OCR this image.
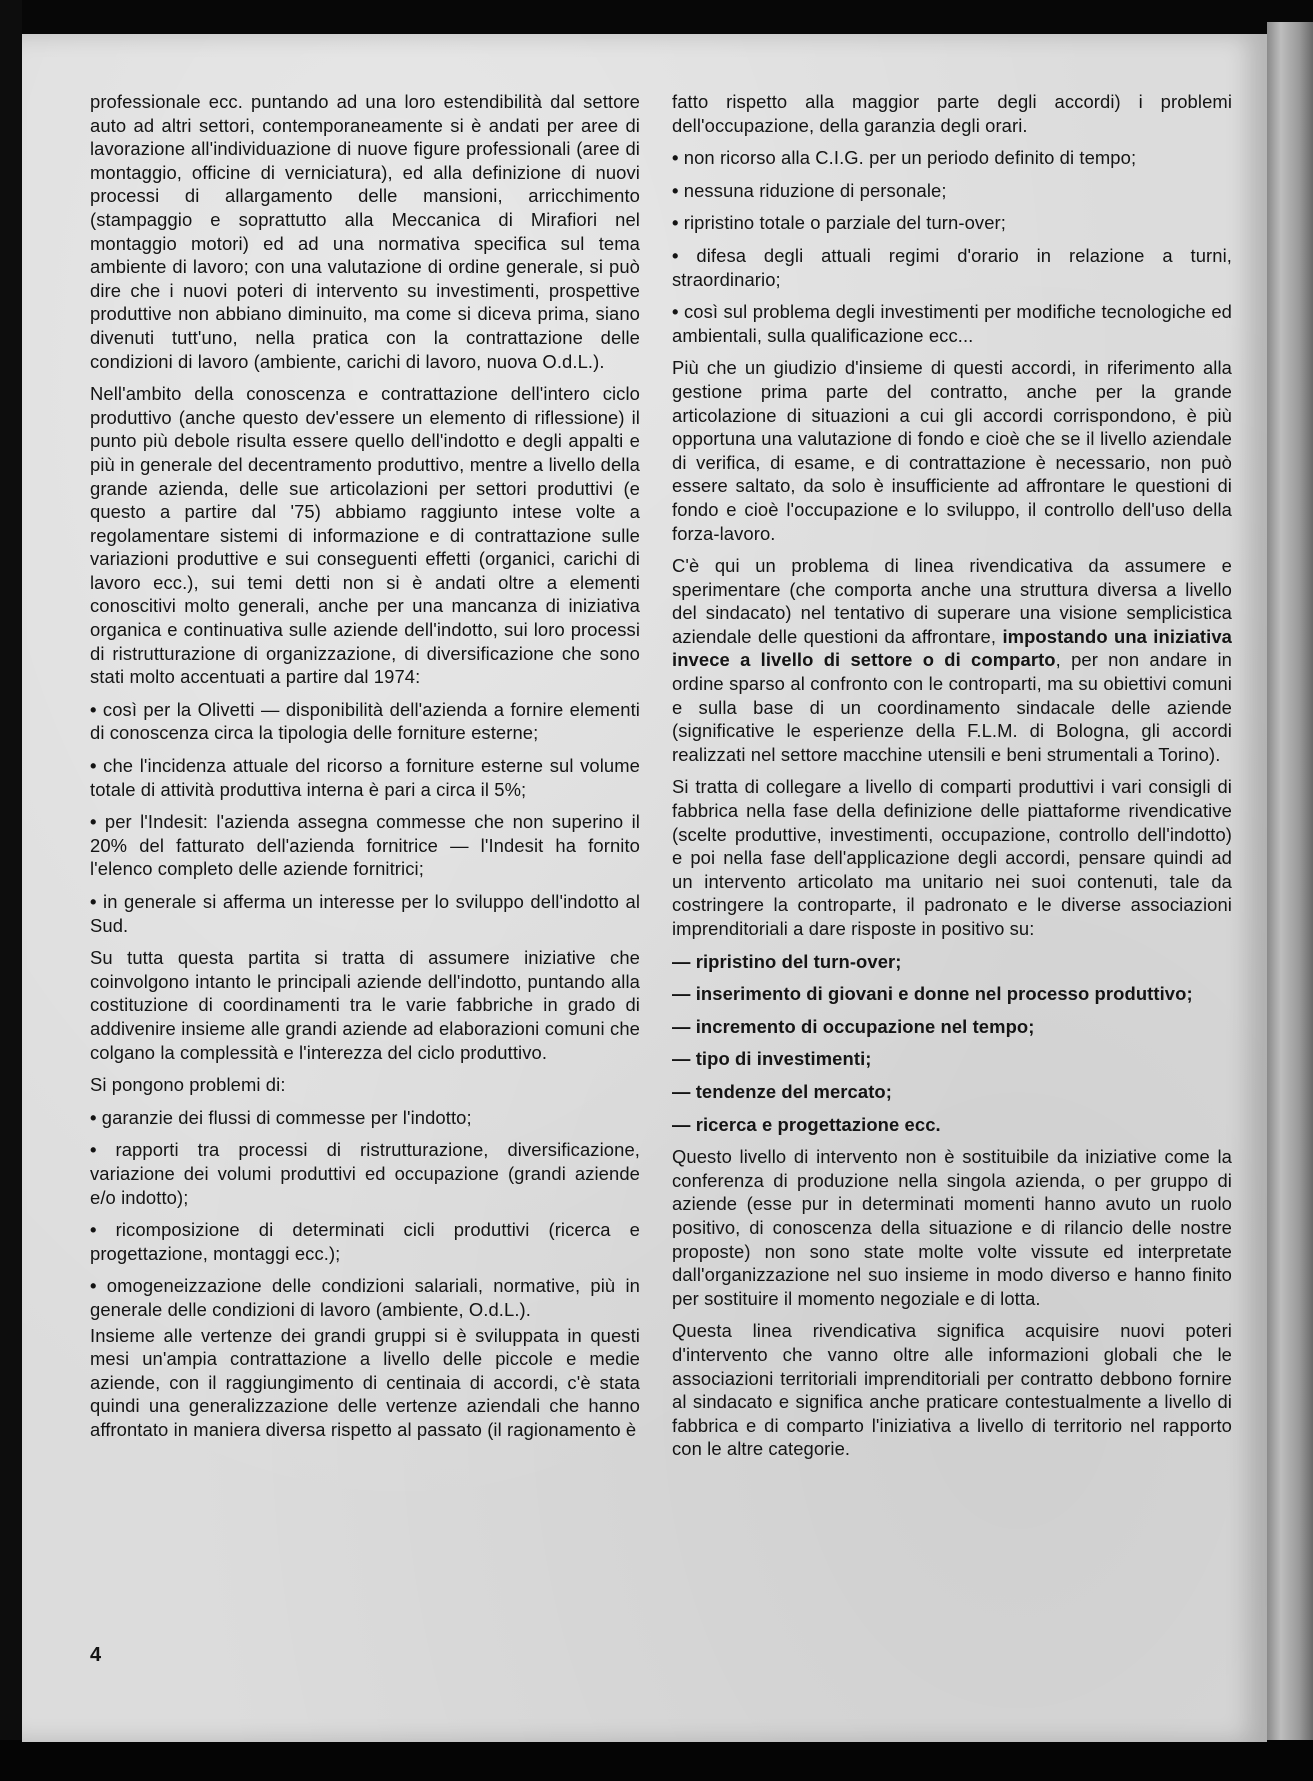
professionale ecc. puntando ad una loro estendibilità dal settore auto ad altri settori, contemporaneamente si è andati per aree di lavorazione all'individuazione di nuove figure professionali (aree di montaggio, officine di verniciatura), ed alla definizione di nuovi processi di allargamento delle mansioni, arricchimento (stampaggio e soprattutto alla Meccanica di Mirafiori nel montaggio motori) ed ad una normativa specifica sul tema ambiente di lavoro; con una valutazione di ordine generale, si può dire che i nuovi poteri di intervento su investimenti, prospettive produttive non abbiano diminuito, ma come si diceva prima, siano divenuti tutt'uno, nella pratica con la contrattazione delle condizioni di lavoro (ambiente, carichi di lavoro, nuova O.d.L.).

Nell'ambito della conoscenza e contrattazione dell'intero ciclo produttivo (anche questo dev'essere un elemento di riflessione) il punto più debole risulta essere quello dell'indotto e degli appalti e più in generale del decentramento produttivo, mentre a livello della grande azienda, delle sue articolazioni per settori produttivi (e questo a partire dal '75) abbiamo raggiunto intese volte a regolamentare sistemi di informazione e di contrattazione sulle variazioni produttive e sui conseguenti effetti (organici, carichi di lavoro ecc.), sui temi detti non si è andati oltre a elementi conoscitivi molto generali, anche per una mancanza di iniziativa organica e continuativa sulle aziende dell'indotto, sui loro processi di ristrutturazione di organizzazione, di diversificazione che sono stati molto accentuati a partire dal 1974:

• così per la Olivetti — disponibilità dell'azienda a fornire elementi di conoscenza circa la tipologia delle forniture esterne;

• che l'incidenza attuale del ricorso a forniture esterne sul volume totale di attività produttiva interna è pari a circa il 5%;

• per l'Indesit: l'azienda assegna commesse che non superino il 20% del fatturato dell'azienda fornitrice — l'Indesit ha fornito l'elenco completo delle aziende fornitrici;

• in generale si afferma un interesse per lo sviluppo dell'indotto al Sud.

Su tutta questa partita si tratta di assumere iniziative che coinvolgono intanto le principali aziende dell'indotto, puntando alla costituzione di coordinamenti tra le varie fabbriche in grado di addivenire insieme alle grandi aziende ad elaborazioni comuni che colgano la complessità e l'interezza del ciclo produttivo.

Si pongono problemi di:

• garanzie dei flussi di commesse per l'indotto;

• rapporti tra processi di ristrutturazione, diversificazione, variazione dei volumi produttivi ed occupazione (grandi aziende e/o indotto);

• ricomposizione di determinati cicli produttivi (ricerca e progettazione, montaggi ecc.);

• omogeneizzazione delle condizioni salariali, normative, più in generale delle condizioni di lavoro (ambiente, O.d.L.).

Insieme alle vertenze dei grandi gruppi si è sviluppata in questi mesi un'ampia contrattazione a livello delle piccole e medie aziende, con il raggiungimento di centinaia di accordi, c'è stata quindi una generalizzazione delle vertenze aziendali che hanno affrontato in maniera diversa rispetto al passato (il ragionamento è

fatto rispetto alla maggior parte degli accordi) i problemi dell'occupazione, della garanzia degli orari.

• non ricorso alla C.I.G. per un periodo definito di tempo;

• nessuna riduzione di personale;

• ripristino totale o parziale del turn-over;

• difesa degli attuali regimi d'orario in relazione a turni, straordinario;

• così sul problema degli investimenti per modifiche tecnologiche ed ambientali, sulla qualificazione ecc...

Più che un giudizio d'insieme di questi accordi, in riferimento alla gestione prima parte del contratto, anche per la grande articolazione di situazioni a cui gli accordi corrispondono, è più opportuna una valutazione di fondo e cioè che se il livello aziendale di verifica, di esame, e di contrattazione è necessario, non può essere saltato, da solo è insufficiente ad affrontare le questioni di fondo e cioè l'occupazione e lo sviluppo, il controllo dell'uso della forza-lavoro.

C'è qui un problema di linea rivendicativa da assumere e sperimentare (che comporta anche una struttura diversa a livello del sindacato) nel tentativo di superare una visione semplicistica aziendale delle questioni da affrontare, impostando una iniziativa invece a livello di settore o di comparto, per non andare in ordine sparso al confronto con le controparti, ma su obiettivi comuni e sulla base di un coordinamento sindacale delle aziende (significative le esperienze della F.L.M. di Bologna, gli accordi realizzati nel settore macchine utensili e beni strumentali a Torino).

Si tratta di collegare a livello di comparti produttivi i vari consigli di fabbrica nella fase della definizione delle piattaforme rivendicative (scelte produttive, investimenti, occupazione, controllo dell'indotto) e poi nella fase dell'applicazione degli accordi, pensare quindi ad un intervento articolato ma unitario nei suoi contenuti, tale da costringere la controparte, il padronato e le diverse associazioni imprenditoriali a dare risposte in positivo su:

— ripristino del turn-over;

— inserimento di giovani e donne nel processo produttivo;

— incremento di occupazione nel tempo;

— tipo di investimenti;

— tendenze del mercato;

— ricerca e progettazione ecc.

Questo livello di intervento non è sostituibile da iniziative come la conferenza di produzione nella singola azienda, o per gruppo di aziende (esse pur in determinati momenti hanno avuto un ruolo positivo, di conoscenza della situazione e di rilancio delle nostre proposte) non sono state molte volte vissute ed interpretate dall'organizzazione nel suo insieme in modo diverso e hanno finito per sostituire il momento negoziale e di lotta.

Questa linea rivendicativa significa acquisire nuovi poteri d'intervento che vanno oltre alle informazioni globali che le associazioni territoriali imprenditoriali per contratto debbono fornire al sindacato e significa anche praticare contestualmente a livello di fabbrica e di comparto l'iniziativa a livello di territorio nel rapporto con le altre categorie.

4
